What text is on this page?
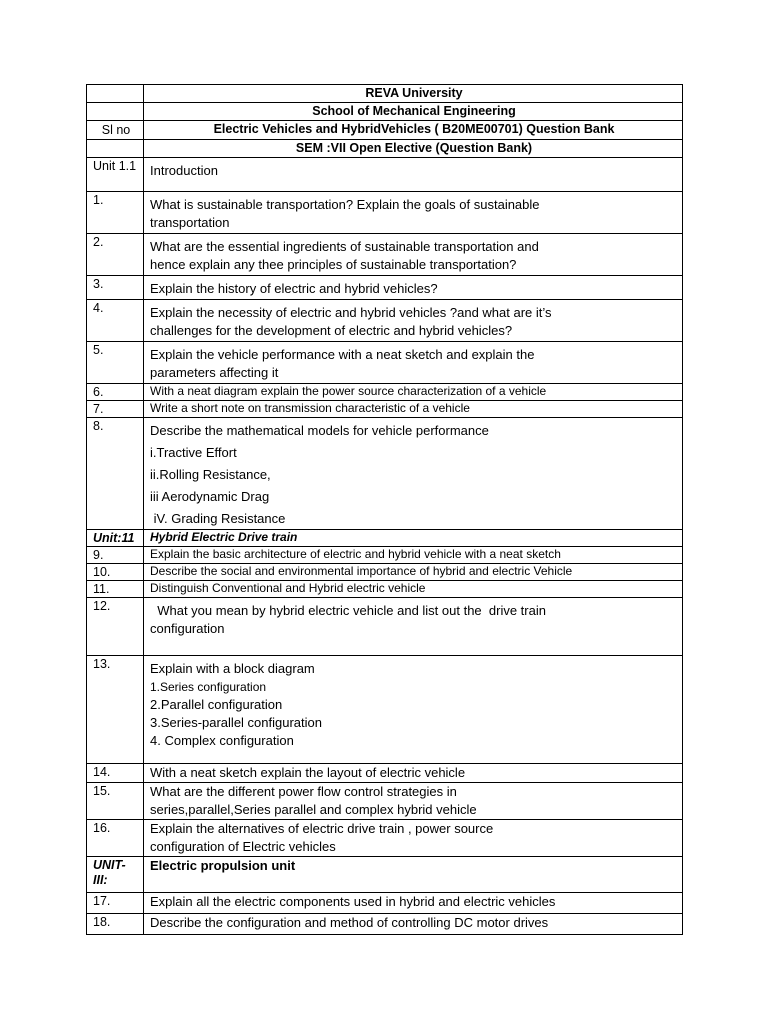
	REVA University
	School of Mechanical Engineering
Sl no	Electric Vehicles and HybridVehicles ( B20ME00701) Question Bank
	SEM :VII Open Elective (Question Bank)
Unit 1.1	Introduction
1.	What is sustainable transportation? Explain the goals of sustainable
transportation

2.	What are the essential ingredients of sustainable transportation and
hence explain any thee principles of sustainable transportation?

3.	Explain the history of electric and hybrid vehicles?
4.	Explain the necessity of electric and hybrid vehicles ?and what are it’s
challenges for the development of electric and hybrid vehicles?

5.	Explain the vehicle performance with a neat sketch and explain the
parameters affecting it

6.	With a neat diagram explain the power source characterization of a vehicle
7.	Write a short note on transmission characteristic of a vehicle
8.	Describe the mathematical models for vehicle performance
i.Tractive Effort
ii.Rolling Resistance,
iii Aerodynamic Drag
iV. Grading Resistance

Unit:11	Hybrid Electric Drive train
9.	Explain the basic architecture of electric and hybrid vehicle with a neat sketch
10.	Describe the social and environmental importance of hybrid and electric Vehicle
11.	Distinguish Conventional and Hybrid electric vehicle
12.	What you mean by hybrid electric vehicle and list out the  drive train
configuration

13.	Explain with a block diagram
1.Series configuration
2.Parallel configuration
3.Series-parallel configuration
4. Complex configuration

14.	With a neat sketch explain the layout of electric vehicle
15.	What are the different power flow control strategies in
series,parallel,Series parallel and complex hybrid vehicle

16.	Explain the alternatives of electric drive train , power source
configuration of Electric vehicles

UNIT-III:	Electric propulsion unit
17.	Explain all the electric components used in hybrid and electric vehicles
18.	Describe the configuration and method of controlling DC motor drives
